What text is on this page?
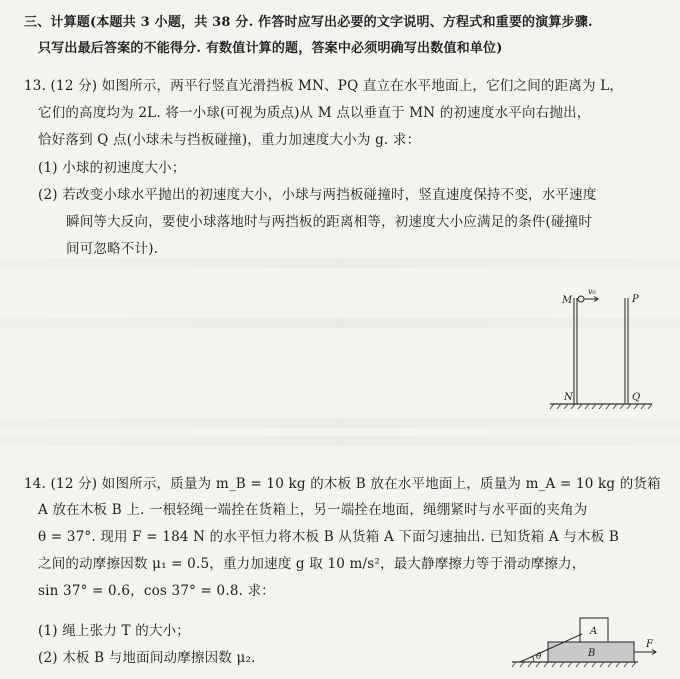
三、计算题(本题共 3 小题，共 38 分. 作答时应写出必要的文字说明、方程式和重要的演算步骤.
只写出最后答案的不能得分. 有数值计算的题，答案中必须明确写出数值和单位)
13. (12 分) 如图所示，两平行竖直光滑挡板 MN、PQ 直立在水平地面上，它们之间的距离为 L，
它们的高度均为 2L. 将一小球(可视为质点)从 M 点以垂直于 MN 的初速度水平向右抛出，
恰好落到 Q 点(小球未与挡板碰撞)，重力加速度大小为 g. 求：
(1) 小球的初速度大小；
(2) 若改变小球水平抛出的初速度大小，小球与两挡板碰撞时，竖直速度保持不变，水平速度
瞬间等大反向，要使小球落地时与两挡板的距离相等，初速度大小应满足的条件(碰撞时
间可忽略不计).
M	P
N	Q
v₀
14. (12 分) 如图所示，质量为 m_B = 10 kg 的木板 B 放在水平地面上，质量为 m_A = 10 kg 的货箱
A 放在木板 B 上. 一根轻绳一端拴在货箱上，另一端拴在地面，绳绷紧时与水平面的夹角为
θ = 37°. 现用 F = 184 N 的水平恒力将木板 B 从货箱 A 下面匀速抽出. 已知货箱 A 与木板 B
之间的动摩擦因数 μ₁ = 0.5，重力加速度 g 取 10 m/s²，最大静摩擦力等于滑动摩擦力，
sin 37° = 0.6，cos 37° = 0.8. 求：
(1) 绳上张力 T 的大小；
(2) 木板 B 与地面间动摩擦因数 μ₂.
A
B
F
θ
